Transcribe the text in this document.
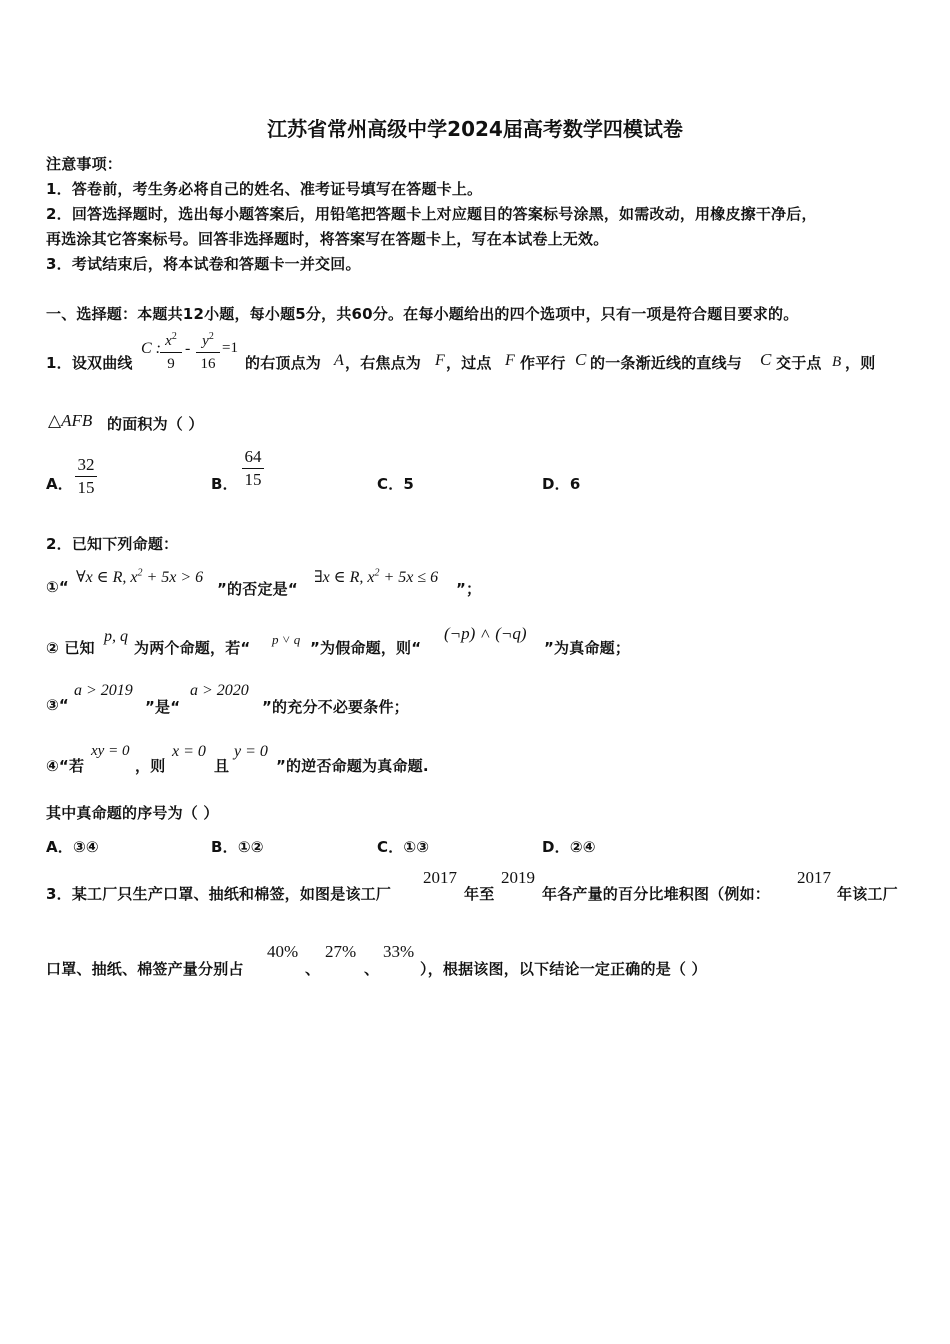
江苏省常州高级中学2024届高考数学四模试卷
注意事项：
1．答卷前，考生务必将自己的姓名、准考证号填写在答题卡上。
2．回答选择题时，选出每小题答案后，用铅笔把答题卡上对应题目的答案标号涂黑，如需改动，用橡皮擦干净后，
再选涂其它答案标号。回答非选择题时，将答案写在答题卡上，写在本试卷上无效。
3．考试结束后，将本试卷和答题卡一并交回。
一、选择题：本题共12小题，每小题5分，共60分。在每小题给出的四个选项中，只有一项是符合题目要求的。
1．设双曲线
C : $x^2$
9
- $y^2$
16
=1
的右顶点为 A ，右焦点为 F ，过点 F 作平行 C 的一条渐近线的直线与 C 交于点 B ，则
△AFB 的面积为（ ）
A．
32
15	B．
64
15	C．5	D．6
2．已知下列命题：
①“
∀x ∈ R, $x^2 + 5x > 6$
”的否定是“
∃x ∈ R, $x^2 + 5x \le 6$
”；
② 已知
p, q
为两个命题，若“ p ˅ q ”为假命题，则“
(¬p) ˄ (¬q)
”为真命题；
③“
a > 2019
”是“
a > 2020
”的充分不必要条件；
④“若
xy = 0
，则
x = 0
且
y = 0
”的逆否命题为真命题.
其中真命题的序号为（ ）
A．③④	B．①②	C．①③	D．②④
3．某工厂只生产口罩、抽纸和棉签，如图是该工厂
2017
年至
2019
年各产量的百分比堆积图（例如：
2017
年该工厂
口罩、抽纸、棉签产量分别占
40%
、
27%
、
33%
），根据该图，以下结论一定正确的是（ ）
